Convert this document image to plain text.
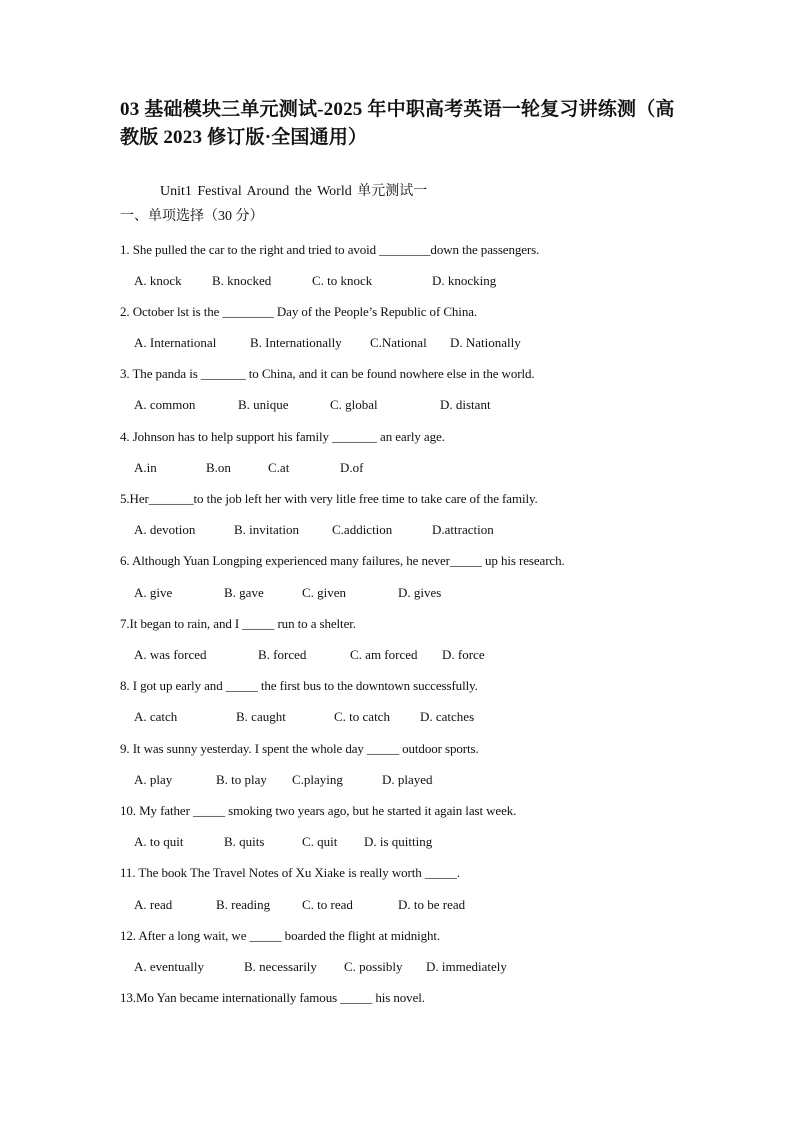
03 基础模块三单元测试-2025 年中职高考英语一轮复习讲练测（高教版 2023 修订版·全国通用）
Unit1 Festival Around the World 单元测试一
一、单项选择（30 分）
1. She pulled the car to the right and tried to avoid ________down the passengers.
A. knock B. knocked	C. to knock	D. knocking
2. October lst is the ________ Day of the People’s Republic of China.
A. International	B. Internationally C.National D. Nationally
3. The panda is _______ to China, and it can be found nowhere else in the world.
A. common	B. unique	C. global	D. distant
4. Johnson has to help support his family _______ an early age.
A.in	B.on	C.at	D.of
5.Her_______to the job left her with very litle free time to take care of the family.
A. devotion	B. invitation	C.addiction	D.attraction
6. Although Yuan Longping experienced many failures, he never_____ up his research.
A. give	B. gave	C. given	D. gives
7.It began to rain, and I _____ run to a shelter.
A. was forced	B. forced	C. am forced D. force
8. I got up early and _____ the first bus to the downtown successfully.
A. catch	B. caught	C. to catch D. catches
9. It was sunny yesterday. I spent the whole day _____ outdoor sports.
A. play	B. to play C.playing	D. played
10. My father _____ smoking two years ago, but he started it again last week.
A. to quit	B. quits	C. quit D. is quitting
11. The book The Travel Notes of Xu Xiake is really worth _____.
A. read	B. reading C. to read	D. to be read
12. After a long wait, we _____ boarded the flight at midnight.
A. eventually	B. necessarily C. possibly D. immediately
13.Mo Yan became internationally famous _____ his novel.
